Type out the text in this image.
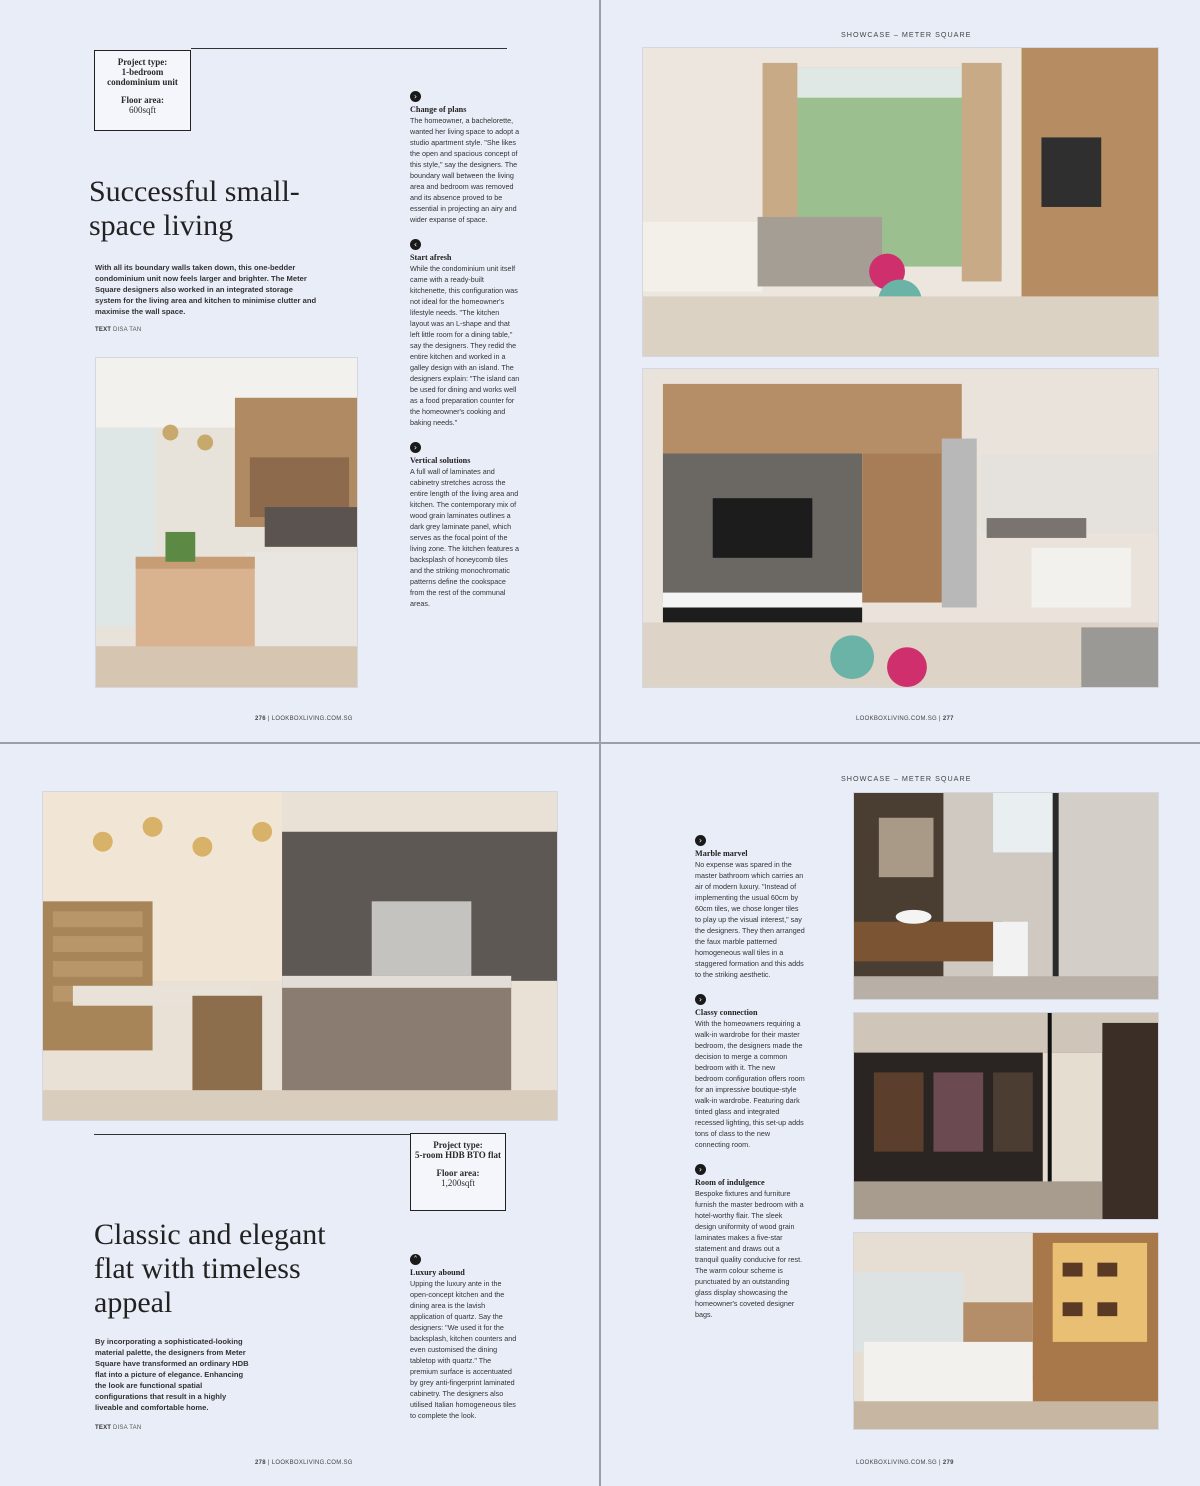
Project type:
1-bedroom condominium unit
Floor area:
600sqft
Successful small-space living
With all its boundary walls taken down, this one-bedder condominium unit now feels larger and brighter. The Meter Square designers also worked in an integrated storage system for the living area and kitchen to minimise clutter and maximise the wall space.
TEXT DISA TAN
›
Change of plans

The homeowner, a bachelorette, wanted her living space to adopt a studio apartment style. "She likes the open and spacious concept of this style," say the designers. The boundary wall between the living area and bedroom was removed and its absence proved to be essential in projecting an airy and wider expanse of space.

‹
Start afresh

While the condominium unit itself came with a ready-built kitchenette, this configuration was not ideal for the homeowner's lifestyle needs. "The kitchen layout was an L-shape and that left little room for a dining table," say the designers. They redid the entire kitchen and worked in a galley design with an island. The designers explain: "The island can be used for dining and works well as a food preparation counter for the homeowner's cooking and baking needs."

›
Vertical solutions

A full wall of laminates and cabinetry stretches across the entire length of the living area and kitchen. The contemporary mix of wood grain laminates outlines a dark grey laminate panel, which serves as the focal point of the living zone. The kitchen features a backsplash of honeycomb tiles and the striking monochromatic patterns define the cookspace from the rest of the communal areas.

276 | LOOKBOXLIVING.COM.SG
SHOWCASE – METER SQUARE
LOOKBOXLIVING.COM.SG | 277
Project type:
5-room HDB BTO flat
Floor area:
1,200sqft
Classic and elegant flat with timeless appeal
By incorporating a sophisticated-looking material palette, the designers from Meter Square have transformed an ordinary HDB flat into a picture of elegance. Enhancing the look are functional spatial configurations that result in a highly liveable and comfortable home.
TEXT DISA TAN
˄
Luxury abound

Upping the luxury ante in the open-concept kitchen and the dining area is the lavish application of quartz. Say the designers: "We used it for the backsplash, kitchen counters and even customised the dining tabletop with quartz." The premium surface is accentuated by grey anti-fingerprint laminated cabinetry. The designers also utilised Italian homogeneous tiles to complete the look.

278 | LOOKBOXLIVING.COM.SG
SHOWCASE – METER SQUARE
›
Marble marvel

No expense was spared in the master bathroom which carries an air of modern luxury. "Instead of implementing the usual 60cm by 60cm tiles, we chose longer tiles to play up the visual interest," say the designers. They then arranged the faux marble patterned homogeneous wall tiles in a staggered formation and this adds to the striking aesthetic.

›
Classy connection

With the homeowners requiring a walk-in wardrobe for their master bedroom, the designers made the decision to merge a common bedroom with it. The new bedroom configuration offers room for an impressive boutique-style walk-in wardrobe. Featuring dark tinted glass and integrated recessed lighting, this set-up adds tons of class to the new connecting room.

›
Room of indulgence

Bespoke fixtures and furniture furnish the master bedroom with a hotel-worthy flair. The sleek design uniformity of wood grain laminates makes a five-star statement and draws out a tranquil quality conducive for rest. The warm colour scheme is punctuated by an outstanding glass display showcasing the homeowner's coveted designer bags.

LOOKBOXLIVING.COM.SG | 279
